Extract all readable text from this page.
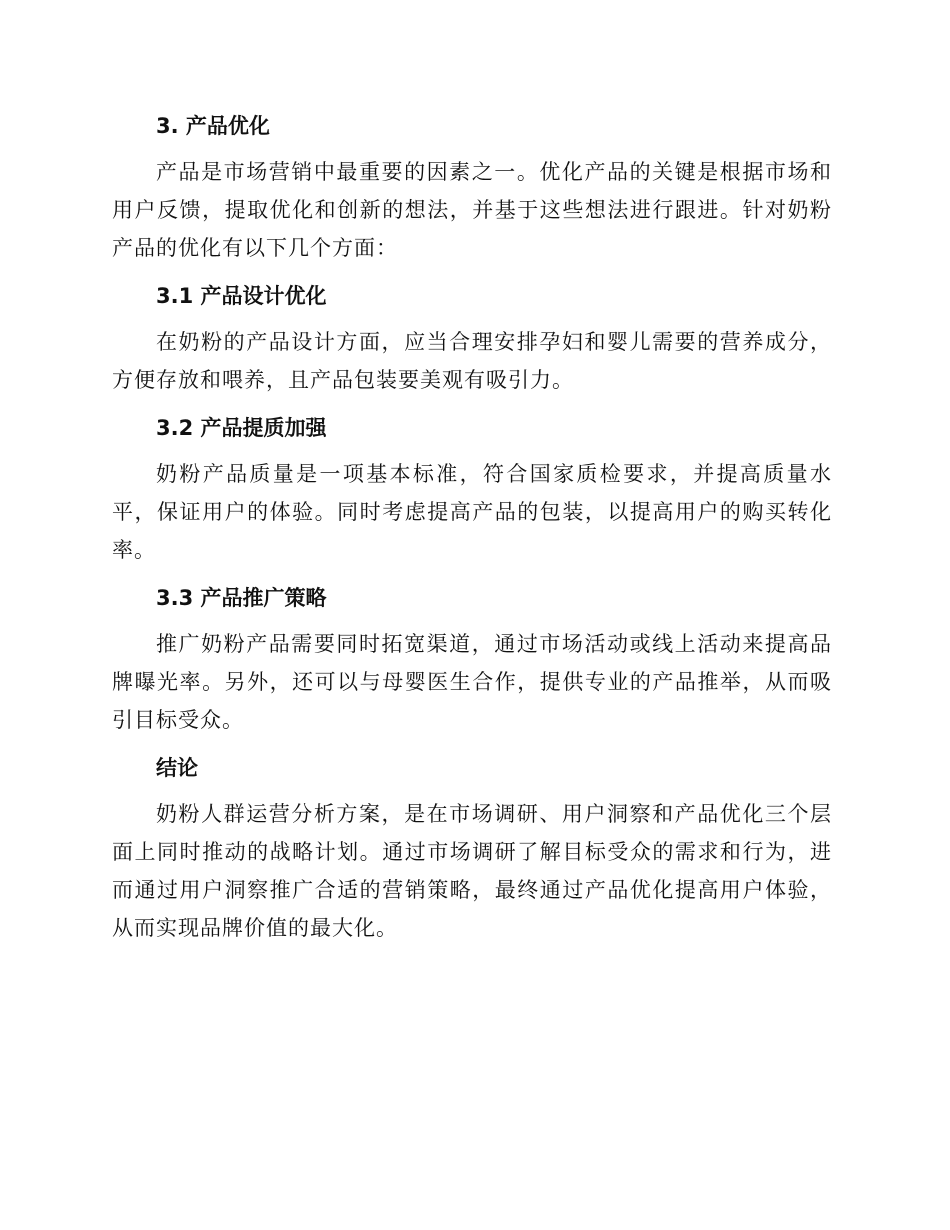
3. 产品优化

产品是市场营销中最重要的因素之一。优化产品的关键是根据市场和用户反馈，提取优化和创新的想法，并基于这些想法进行跟进。针对奶粉产品的优化有以下几个方面：

3.1 产品设计优化

在奶粉的产品设计方面，应当合理安排孕妇和婴儿需要的营养成分，方便存放和喂养，且产品包装要美观有吸引力。

3.2 产品提质加强

奶粉产品质量是一项基本标准，符合国家质检要求，并提高质量水平，保证用户的体验。同时考虑提高产品的包装，以提高用户的购买转化率。

3.3 产品推广策略

推广奶粉产品需要同时拓宽渠道，通过市场活动或线上活动来提高品牌曝光率。另外，还可以与母婴医生合作，提供专业的产品推举，从而吸引目标受众。

结论

奶粉人群运营分析方案，是在市场调研、用户洞察和产品优化三个层面上同时推动的战略计划。通过市场调研了解目标受众的需求和行为，进而通过用户洞察推广合适的营销策略，最终通过产品优化提高用户体验，从而实现品牌价值的最大化。
